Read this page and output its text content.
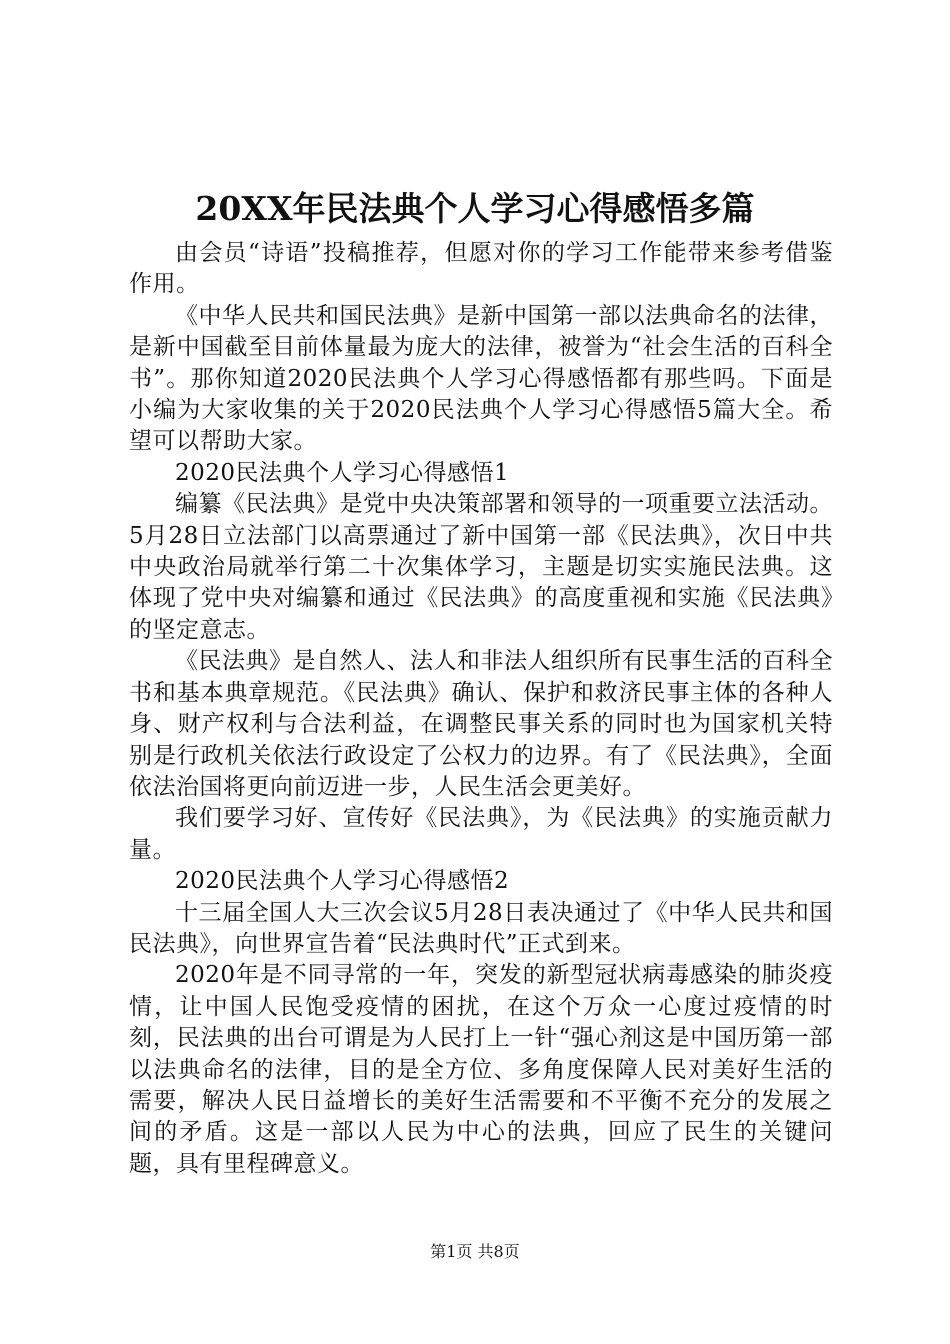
20XX年民法典个人学习心得感悟多篇

由会员“诗语”投稿推荐，但愿对你的学习工作能带来参考借鉴作用。

《中华人民共和国民法典》是新中国第一部以法典命名的法律，是新中国截至目前体量最为庞大的法律，被誉为“社会生活的百科全书”。那你知道2020民法典个人学习心得感悟都有那些吗。下面是小编为大家收集的关于2020民法典个人学习心得感悟5篇大全。希望可以帮助大家。

2020民法典个人学习心得感悟1

编纂《民法典》是党中央决策部署和领导的一项重要立法活动。5月28日立法部门以高票通过了新中国第一部《民法典》，次日中共中央政治局就举行第二十次集体学习，主题是切实实施民法典。这体现了党中央对编纂和通过《民法典》的高度重视和实施《民法典》的坚定意志。

《民法典》是自然人、法人和非法人组织所有民事生活的百科全书和基本典章规范。《民法典》确认、保护和救济民事主体的各种人身、财产权利与合法利益，在调整民事关系的同时也为国家机关特别是行政机关依法行政设定了公权力的边界。有了《民法典》，全面依法治国将更向前迈进一步，人民生活会更美好。

我们要学习好、宣传好《民法典》，为《民法典》的实施贡献力量。

2020民法典个人学习心得感悟2

十三届全国人大三次会议5月28日表决通过了《中华人民共和国民法典》，向世界宣告着“民法典时代”正式到来。

2020年是不同寻常的一年，突发的新型冠状病毒感染的肺炎疫情，让中国人民饱受疫情的困扰，在这个万众一心度过疫情的时刻，民法典的出台可谓是为人民打上一针“强心剂这是中国历第一部以法典命名的法律，目的是全方位、多角度保障人民对美好生活的需要，解决人民日益增长的美好生活需要和不平衡不充分的发展之间的矛盾。这是一部以人民为中心的法典，回应了民生的关键问题，具有里程碑意义。

第1页 共8页
